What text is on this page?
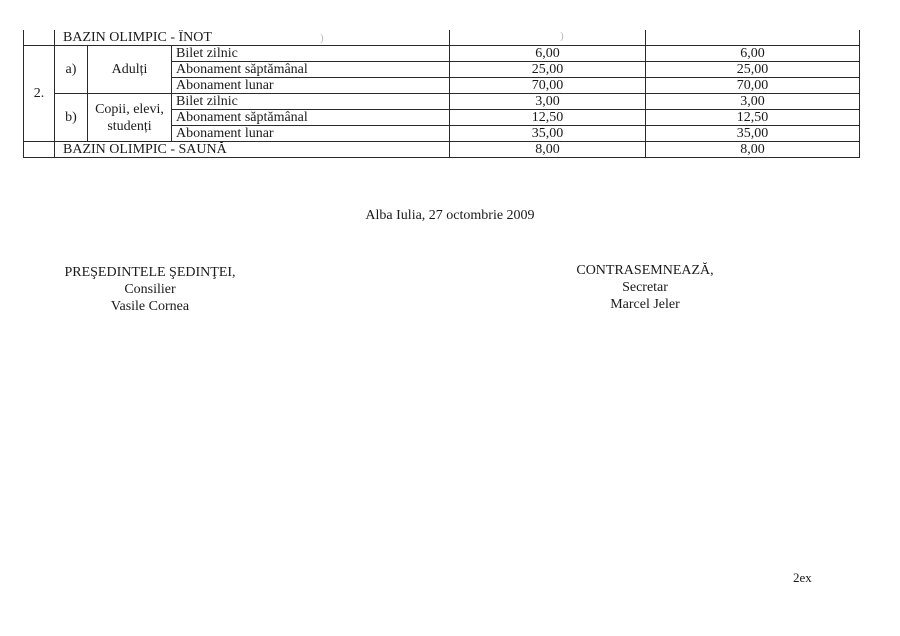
	BAZIN OLIMPIC - ÎNOT				
2.	a)	Adulți	Bilet zilnic	6,00	6,00
			Abonament săptămânal	25,00	25,00
			Abonament lunar	70,00	70,00
	b)	Copii, elevi, studenți	Bilet zilnic	3,00	3,00
			Abonament săptămânal	12,50	12,50
			Abonament lunar	35,00	35,00
	BAZIN OLIMPIC - SAUNĂ			8,00	8,00
)	)
Alba Iulia, 27 octombrie 2009
PREŞEDINTELE ŞEDINŢEI,
Consilier
Vasile Cornea
CONTRASEMNEAZĂ,
Secretar
Marcel Jeler
2ex
